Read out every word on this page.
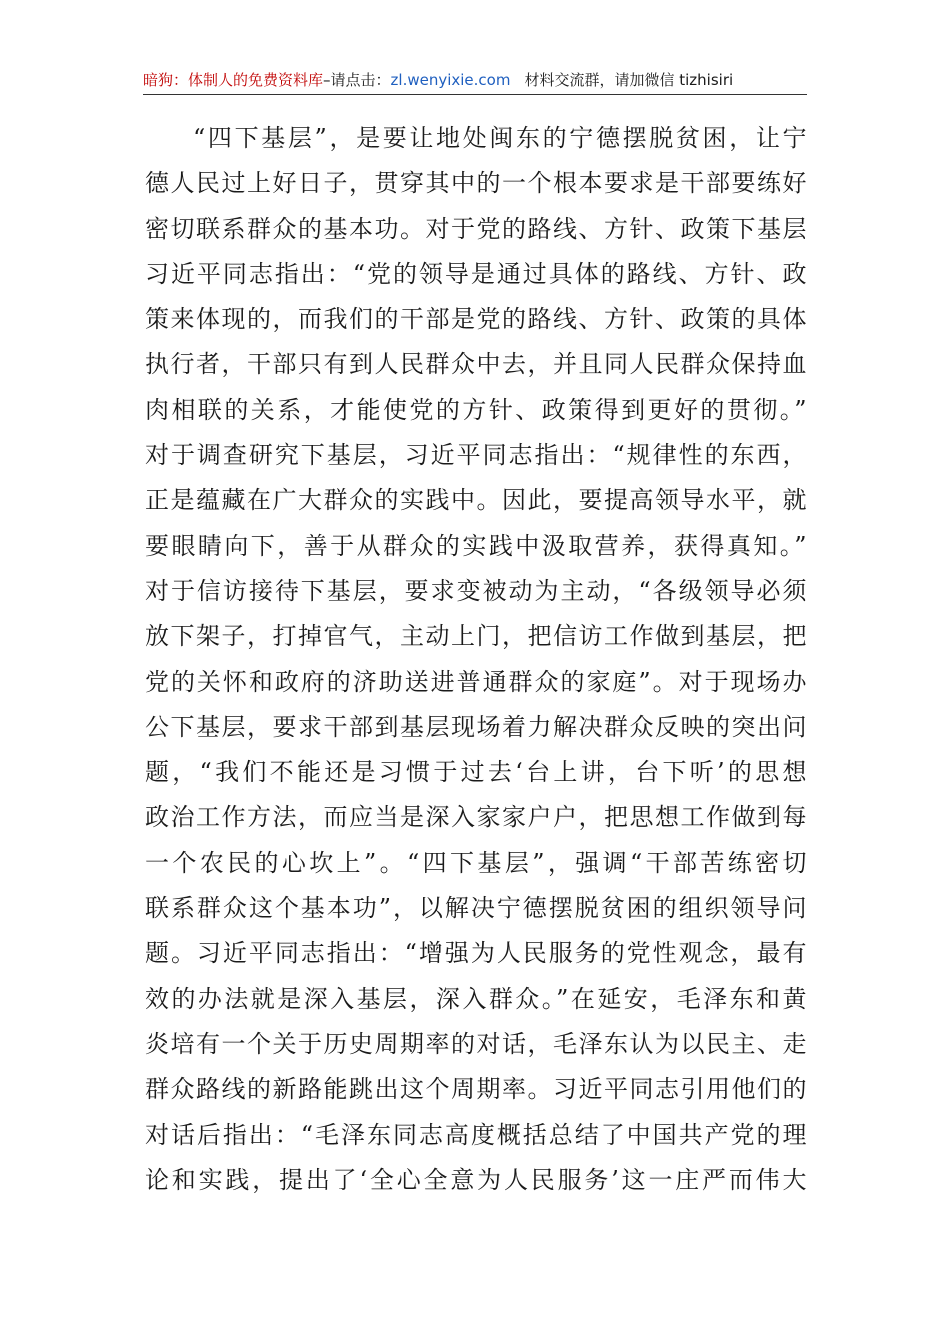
暗狗：体制人的免费资料库–请点击：zl.wenyixie.com 材料交流群，请加微信 tizhisiri
“四下基层”，是要让地处闽东的宁德摆脱贫困，让宁
德人民过上好日子，贯穿其中的一个根本要求是干部要练好
密切联系群众的基本功。对于党的路线、方针、政策下基层
习近平同志指出：“党的领导是通过具体的路线、方针、政
策来体现的，而我们的干部是党的路线、方针、政策的具体
执行者，干部只有到人民群众中去，并且同人民群众保持血
肉相联的关系，才能使党的方针、政策得到更好的贯彻。”
对于调查研究下基层，习近平同志指出：“规律性的东西，
正是蕴藏在广大群众的实践中。因此，要提高领导水平，就
要眼睛向下，善于从群众的实践中汲取营养，获得真知。”
对于信访接待下基层，要求变被动为主动，“各级领导必须
放下架子，打掉官气，主动上门，把信访工作做到基层，把
党的关怀和政府的济助送进普通群众的家庭”。对于现场办
公下基层，要求干部到基层现场着力解决群众反映的突出问
题，“我们不能还是习惯于过去‘台上讲，台下听’的思想
政治工作方法，而应当是深入家家户户，把思想工作做到每
一个农民的心坎上”。“四下基层”，强调“干部苦练密切
联系群众这个基本功”，以解决宁德摆脱贫困的组织领导问
题。习近平同志指出：“增强为人民服务的党性观念，最有
效的办法就是深入基层，深入群众。”在延安，毛泽东和黄
炎培有一个关于历史周期率的对话，毛泽东认为以民主、走
群众路线的新路能跳出这个周期率。习近平同志引用他们的
对话后指出：“毛泽东同志高度概括总结了中国共产党的理
论和实践，提出了‘全心全意为人民服务’这一庄严而伟大
